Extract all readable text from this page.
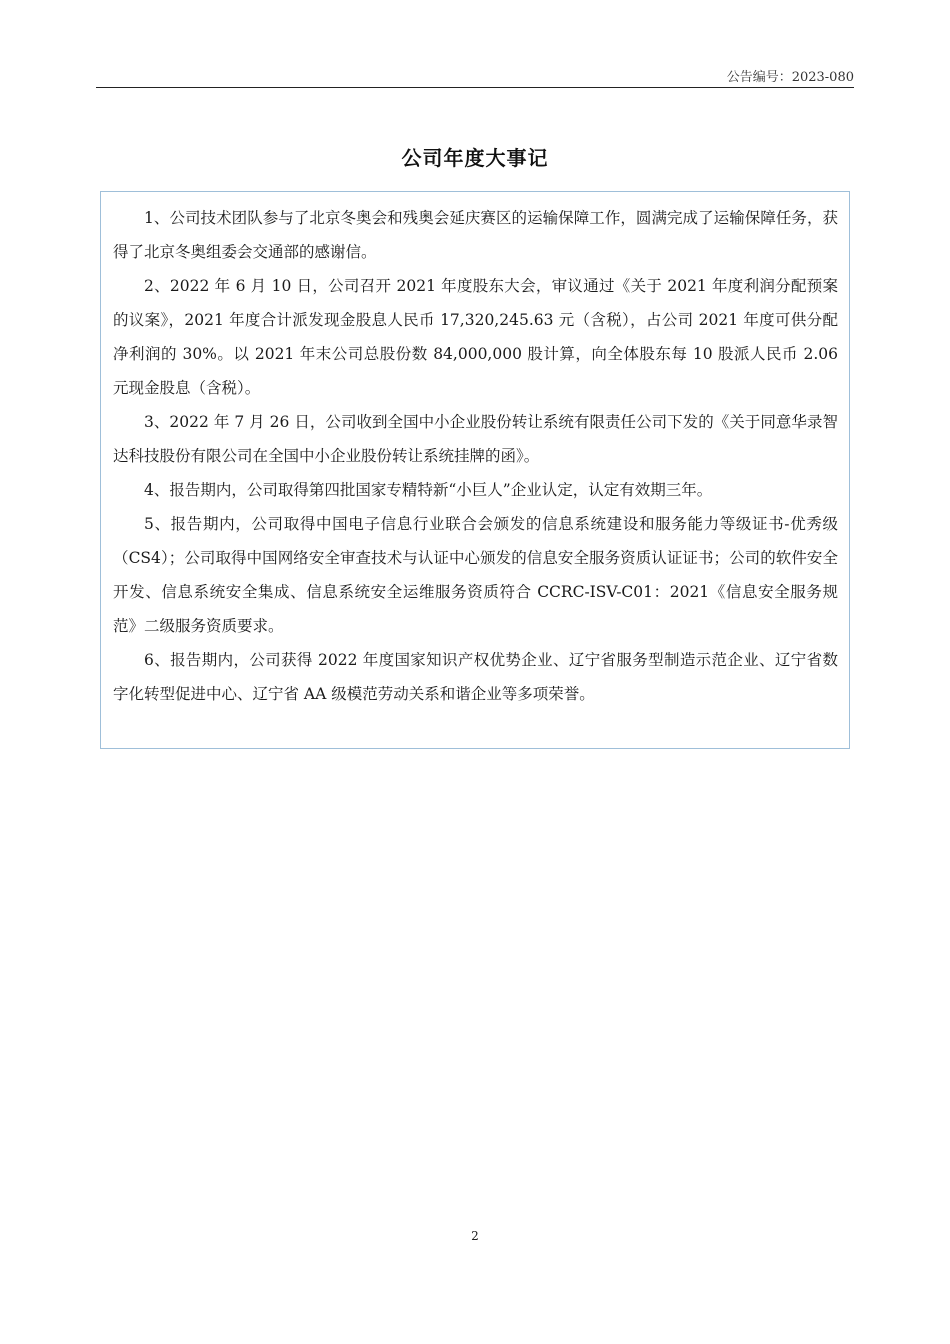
公告编号：2023-080
公司年度大事记

1、公司技术团队参与了北京冬奥会和残奥会延庆赛区的运输保障工作，圆满完成了运输保障任务，获得了北京冬奥组委会交通部的感谢信。

2、2022 年 6 月 10 日，公司召开 2021 年度股东大会，审议通过《关于 2021 年度利润分配预案的议案》，2021 年度合计派发现金股息人民币 17,320,245.63 元（含税），占公司 2021 年度可供分配净利润的 30%。以 2021 年末公司总股份数 84,000,000 股计算，向全体股东每 10 股派人民币 2.06 元现金股息（含税）。

3、2022 年 7 月 26 日，公司收到全国中小企业股份转让系统有限责任公司下发的《关于同意华录智达科技股份有限公司在全国中小企业股份转让系统挂牌的函》。

4、报告期内，公司取得第四批国家专精特新“小巨人”企业认定，认定有效期三年。

5、报告期内，公司取得中国电子信息行业联合会颁发的信息系统建设和服务能力等级证书-优秀级（CS4）；公司取得中国网络安全审查技术与认证中心颁发的信息安全服务资质认证证书；公司的软件安全开发、信息系统安全集成、信息系统安全运维服务资质符合 CCRC-ISV-C01：2021《信息安全服务规范》二级服务资质要求。

6、报告期内，公司获得 2022 年度国家知识产权优势企业、辽宁省服务型制造示范企业、辽宁省数字化转型促进中心、辽宁省 AA 级模范劳动关系和谐企业等多项荣誉。

2
